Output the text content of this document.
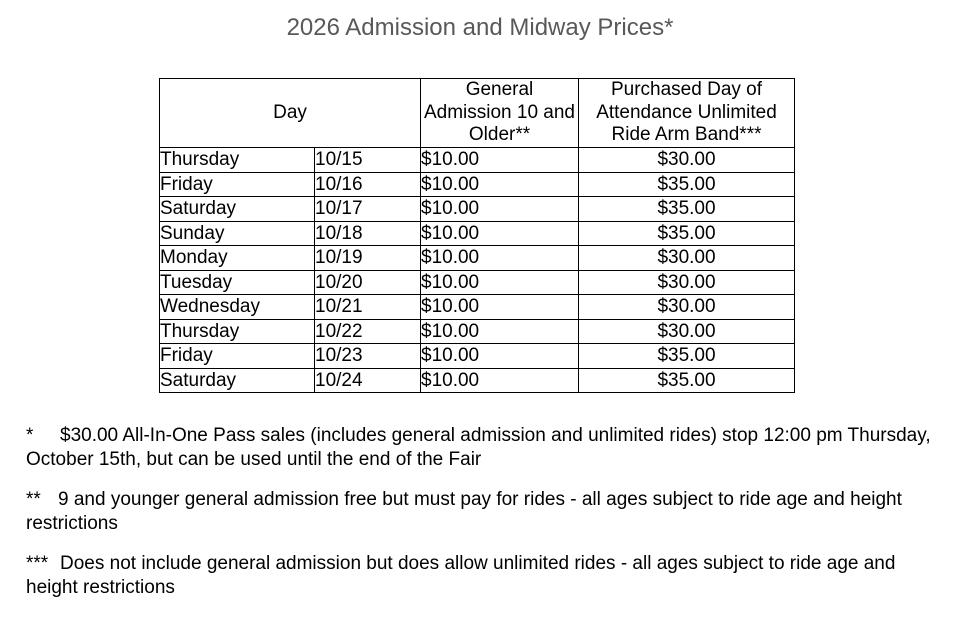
2026 Admission and Midway Prices*
Day		General Admission 10 and Older**	Purchased Day of Attendance Unlimited Ride Arm Band***
Thursday	10/15	$10.00	$30.00
Friday	10/16	$10.00	$35.00
Saturday	10/17	$10.00	$35.00
Sunday	10/18	$10.00	$35.00
Monday	10/19	$10.00	$30.00
Tuesday	10/20	$10.00	$30.00
Wednesday	10/21	$10.00	$30.00
Thursday	10/22	$10.00	$30.00
Friday	10/23	$10.00	$35.00
Saturday	10/24	$10.00	$35.00

* $30.00 All-In-One Pass sales (includes general admission and unlimited rides) stop 12:00 pm Thursday, October 15th, but can be used until the end of the Fair

** 9 and younger general admission free but must pay for rides - all ages subject to ride age and height restrictions

*** Does not include general admission but does allow unlimited rides - all ages subject to ride age and height restrictions
